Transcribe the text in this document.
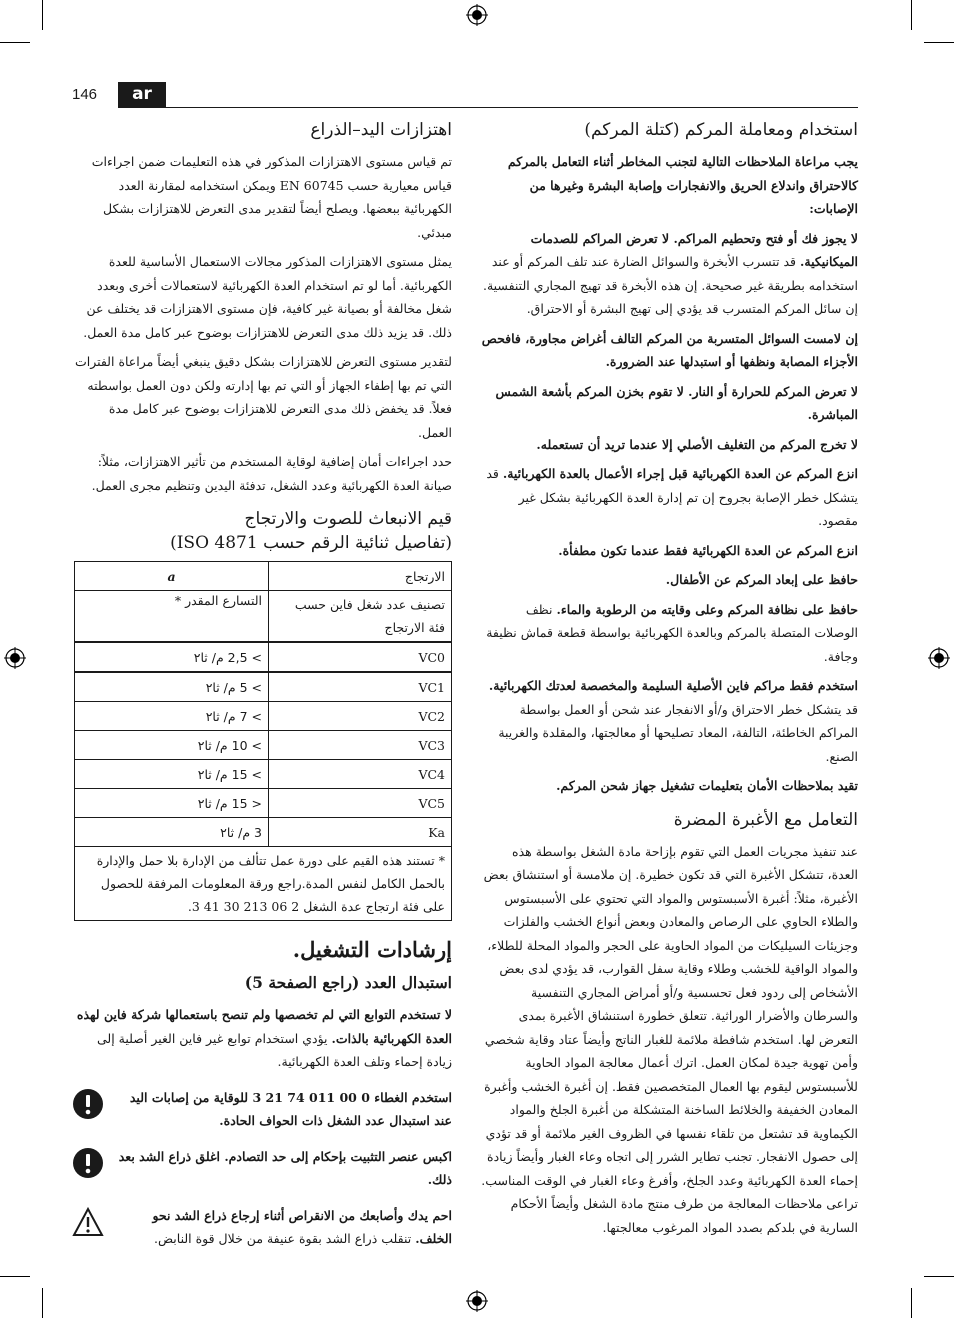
146	ar
استخدام ومعاملة المركم (كتلة المركم)

يجب مراعاة الملاحظات التالية لتجنب المخاطر أثناء التعامل بالمركم كالاحتراق واندلاع الحريق والانفجارات وإصابة البشرة وغيرها من الإصابات:

لا يجوز فك أو فتح وتحطيم المراكم. لا تعرض المراكم للصدمات الميكانيكية. قد تتسرب الأبخرة والسوائل الضارة عند تلف المركم أو عند استخدامه بطريقة غير صحيحة. إن هذه الأبخرة قد تهيج المجاري التنفسية. إن سائل المركم المتسرب قد يؤدي إلى تهيج البشرة أو الاحتراق.

إن لامست السوائل المتسربة من المركم التالف أغراض مجاورة، فافحص الأجزاء المصابة ونظفها أو استبدلها عند الضرورة.

لا تعرض المركم للحرارة أو النار. لا تقوم بخزن المركم بأشعة الشمس المباشرة.

لا تخرج المركم من التغليف الأصلي إلا عندما تريد أن تستعمله.

انزع المركم عن العدة الكهربائية قبل إجراء الأعمال بالعدة الكهربائية. قد يتشكل خطر الإصابة بجروح إن تم إدارة العدة الكهربائية بشكل غير مقصود.

انزع المركم عن العدة الكهربائية فقط عندما تكون مطفأة.

حافظ على إبعاد المركم عن الأطفال.

حافظ على نظافة المركم وعلى وقايته من الرطوبة والماء. نظف الوصلات المتصلة بالمركم وبالعدة الكهربائية بواسطة قطعة قماش نظيفة وجافة.

استخدم فقط مراكم فاين الأصلية السليمة والمخصصة لعدتك الكهربائية. قد يتشكل خطر الاحتراق و/أو الانفجار عند شحن أو العمل بواسطة المراكم الخاطئة، التالفة، المعاد تصليحها أو معالجتها، والمقلدة والغريبة الصنع.

تقيد بملاحظات الأمان بتعليمات تشغيل جهاز شحن المركم.

التعامل مع الأغبرة المضرة

عند تنفيذ مجريات العمل التي تقوم بإزاحة مادة الشغل بواسطة هذه العدة، تتشكل الأغبرة التي قد تكون خطيرة. إن ملامسة أو استنشاق بعض الأغبرة، مثلاً: أغبرة الأسبستوس والمواد التي تحتوي على الأسبستوس والطلاء الحاوي على الرصاص والمعادن وبعض أنواع الخشب والفلزات وجزيئات السيليكات من المواد الحاوية على الحجر والمواد المحلة للطلاء، والمواد الواقية للخشب وطلاء وقاية سفل القوارب، قد يؤدي لدى بعض الأشخاص إلى ردود فعل تحسسية و/أو أمراض المجاري التنفسية والسرطان والأضرار الوراثية. تتعلق خطورة استنشاق الأغبرة بمدى التعرض لها. استخدم شافطة ملائمة للغبار الناتج وأيضاً عتاد وقاية شخصي وأمن تهوية جيدة لمكان العمل. اترك أعمال معالجة المواد الحاوية للأسبستوس ليقوم بها العمال المتخصصين فقط. إن أغبرة الخشب وأغبرة المعادن الخفيفة والخلائط الساخنة المتشكلة من أغبرة الجلخ والمواد الكيماوية قد تشتعل من تلقاء نفسها في الظروف الغير ملائمة أو قد تؤدي إلى حصول الانفجار. تجنب تطاير الشرر إلى اتجاه وعاء الغبار وأيضاً زيادة إحماء العدة الكهربائية وعدد الجلخ، وأفرغ وعاء الغبار في الوقت المناسب. تراعى ملاحظات المعالجة من طرف منتج مادة الشغل وأيضاً الأحكام السارية في بلدكم بصدد المواد المرغوب معالجتها.

اهتزازات اليد–الذراع

تم قياس مستوى الاهتزازات المذكور في هذه التعليمات ضمن اجراءات قياس معيارية حسب EN 60745 ويمكن استخدامه لمقارنة العدد الكهربائية ببعضها. ويصلح أيضاً لتقدير مدى التعرض للاهتزازات بشكل مبدئي.

يمثل مستوى الاهتزازات المذكور مجالات الاستعمال الأساسية للعدة الكهربائية. أما لو تم استخدام العدة الكهربائية لاستعمالات أخرى وبعدد شغل مخالفة أو بصيانة غير كافية، فإن مستوى الاهتزازات قد يختلف عن ذلك. قد يزيد ذلك مدى التعرض للاهتزازات بوضوح عبر كامل مدة العمل.

لتقدير مستوى التعرض للاهتزازات بشكل دقيق ينبغي أيضاً مراعاة الفترات التي تم بها إطفاء الجهاز أو التي تم بها إدارته ولكن دون العمل بواسطته فعلاً. قد يخفض ذلك مدى التعرض للاهتزازات بوضوح عبر كامل مدة العمل.

حدد اجراءات أمان إضافية لوقاية المستخدم من تأثير الاهتزازات، مثلاً: صيانة العدة الكهربائية وعدد الشغل، تدفئة اليدين وتنظيم مجرى العمل.

قيم الانبعاث للصوت والارتجاج
(تفاصيل ثنائية الرقم حسب ISO 4871)
الارتجاج	a
تصنيف عدد شغل فاين حسب فئة الارتجاج	التسارع المقدر *
VC0	> 2,5 م/ ثا٢
VC1	> 5 م/ ثا٢
VC2	> 7 م/ ثا٢
VC3	> 10 م/ ثا٢
VC4	> 15 م/ ثا٢
VC5	< 15 م/ ثا٢
Ka	3 م/ ثا٢
* تستند هذه القيم على دورة عمل تتألف من الإدارة بلا حمل والإدارة بالحمل الكامل لنفس المدة.راجع ورقة المعلومات المرفقة للحصول على فئة ارتجاج عدة الشغل 2 06 213 30 41 3.	
إرشادات التشغيل.
استبدال العدد (راجع الصفحة 5)

لا تستخدم التوابع التي لم تخصصها ولم تنصح باستعمالها شركة فاين لهذه العدة الكهربائية بالذات. يؤدي استخدام توابع غير فاين الغير أصلية إلى زيادة إحماء وتلف العدة الكهربائية.

استخدم الغطاء 0 00 011 74 21 3 للوقاية من إصابات اليد عند استبدال عدد الشغل ذات الحواف الحادة.

اكبس عنصر التثبيت بإحكام إلى حد التصادم. اغلق ذراع الشد بعد ذلك.

احم يدك وأصابعك من الانقراص أثناء إرجاع ذراع الشد نحو الخلف. تنقلب ذراع الشد بقوة عنيفة من خلال قوة النابض.
